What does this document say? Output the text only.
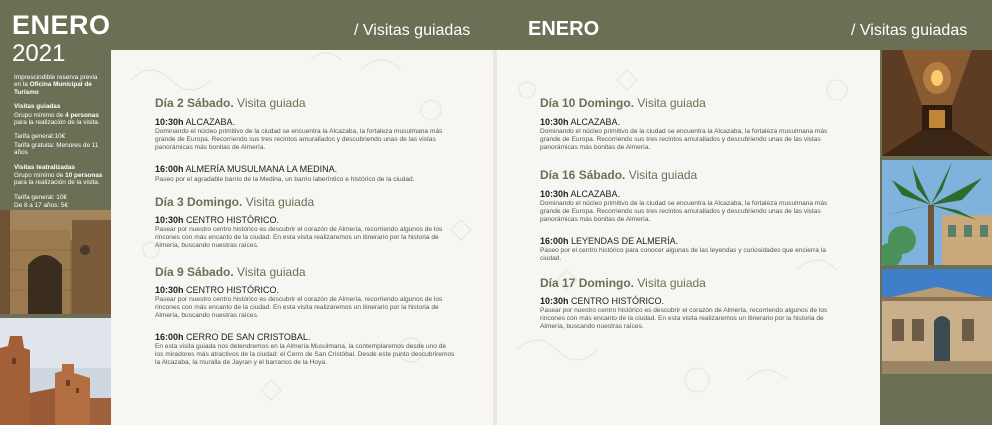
ENERO
2021
/ Visitas guiadas	ENERO	/ Visitas guiadas

Imprescindible reserva previa en la Oficina Municipal de Turismo

Visitas guiadas

Grupo mínimo de 4 personas para la realización de la visita.

Tarifa general:10€

Tarifa gratuita: Menores de 11 años

Visitas teatralizadas

Grupo mínimo de 10 personas para la realización de la visita.

Tarifa general: 10€

De 8 a 17 años: 5€

Día 2 Sábado. Visita guiada
10:30h ALCAZABA.
Dominando el núcleo primitivo de la ciudad se encuentra la Alcazaba, la fortaleza musulmana más grande de Europa. Recorriendo sus tres recintos amurallados y descubriendo unas de las vistas panorámicas más bonitas de Almería.
16:00h ALMERÍA MUSULMANA LA MEDINA.
Paseo por el agradable barrio de la Medina, un barrio laberíntico e histórico de la ciudad.
Día 3 Domingo. Visita guiada
10:30h CENTRO HISTÓRICO.
Pasear por nuestro centro histórico es descubrir el corazón de Almería, recorriendo algunos de los rincones con más encanto de la ciudad. En esta visita realizaremos un itinerario por la historia de Almería, buscando nuestras raíces.
Día 9 Sábado. Visita guiada
10:30h CENTRO HISTÓRICO.
Pasear por nuestro centro histórico es descubrir el corazón de Almería, recorriendo algunos de los rincones con más encanto de la ciudad. En esta visita realizaremos un itinerario por la historia de Almería, buscando nuestras raíces.
16:00h CERRO DE SAN CRISTOBAL.
En esta visita guiada nos detendremos en la Almería Musulmana, la contemplaremos desde uno de los miradores más atractivos de la ciudad: el Cerro de San Cristóbal. Desde este punto descubriremos la Alcazaba, la muralla de Jayran y el barranco de la Hoya.
Día 10 Domingo. Visita guiada
10:30h ALCAZABA.
Dominando el núcleo primitivo de la ciudad se encuentra la Alcazaba, la fortaleza musulmana más grande de Europa. Recorriendo sus tres recintos amurallados y descubriendo unas de las vistas panorámicas más bonitas de Almería.
Día 16 Sábado. Visita guiada
10:30h ALCAZABA.
Dominando el núcleo primitivo de la ciudad se encuentra la Alcazaba, la fortaleza musulmana más grande de Europa. Recorriendo sus tres recintos amurallados y descubriendo unas de las vistas panorámicas más bonitas de Almería.
16:00h LEYENDAS DE ALMERÍA.
Paseo por el centro histórico para conocer algunas de las leyendas y curiosidades que encierra la ciudad.
Día 17 Domingo. Visita guiada
10:30h CENTRO HISTÓRICO.
Pasear por nuestro centro histórico es descubrir el corazón de Almería, recorriendo algunos de los rincones con más encanto de la ciudad. En esta visita realizaremos un itinerario por la historia de Almería, buscando nuestras raíces.
